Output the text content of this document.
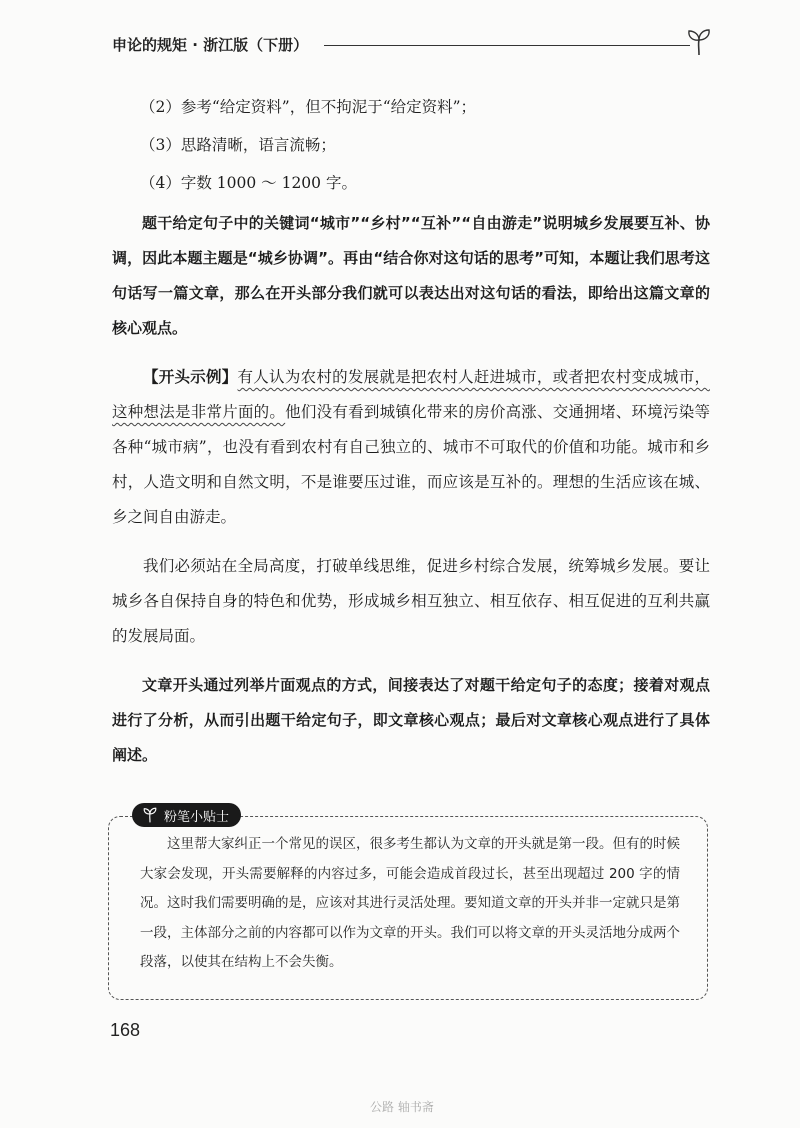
申论的规矩 · 浙江版（下册）
（2）参考“给定资料”，但不拘泥于“给定资料”；
（3）思路清晰，语言流畅；
（4）字数 1000 ～ 1200 字。

题干给定句子中的关键词“城市”“乡村”“互补”“自由游走”说明城乡发展要互补、协调，因此本题主题是“城乡协调”。再由“结合你对这句话的思考”可知，本题让我们思考这句话写一篇文章，那么在开头部分我们就可以表达出对这句话的看法，即给出这篇文章的核心观点。

【开头示例】有人认为农村的发展就是把农村人赶进城市，或者把农村变成城市，这种想法是非常片面的。他们没有看到城镇化带来的房价高涨、交通拥堵、环境污染等各种“城市病”，也没有看到农村有自己独立的、城市不可取代的价值和功能。城市和乡村，人造文明和自然文明，不是谁要压过谁，而应该是互补的。理想的生活应该在城、乡之间自由游走。

我们必须站在全局高度，打破单线思维，促进乡村综合发展，统筹城乡发展。要让城乡各自保持自身的特色和优势，形成城乡相互独立、相互依存、相互促进的互利共赢的发展局面。

文章开头通过列举片面观点的方式，间接表达了对题干给定句子的态度；接着对观点进行了分析，从而引出题干给定句子，即文章核心观点；最后对文章核心观点进行了具体阐述。

粉笔小贴士
这里帮大家纠正一个常见的误区，很多考生都认为文章的开头就是第一段。但有的时候大家会发现，开头需要解释的内容过多，可能会造成首段过长，甚至出现超过 200 字的情况。这时我们需要明确的是，应该对其进行灵活处理。要知道文章的开头并非一定就只是第一段，主体部分之前的内容都可以作为文章的开头。我们可以将文章的开头灵活地分成两个段落，以使其在结构上不会失衡。
168
公路 轴书斋
